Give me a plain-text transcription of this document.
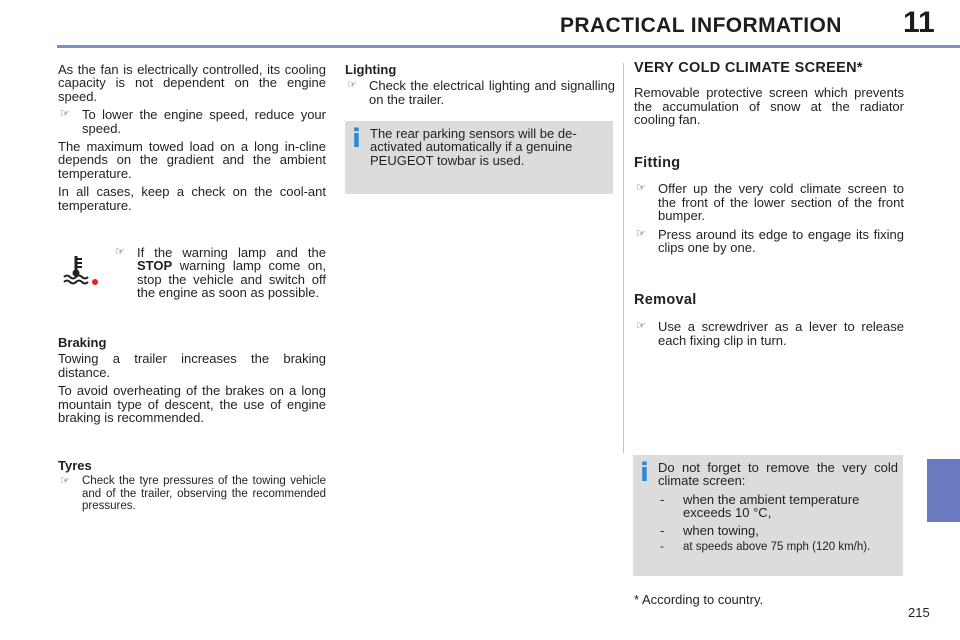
PRACTICAL INFORMATION 11

As the fan is electrically controlled, its cooling capacity is not dependent on the engine speed.

☞ To lower the engine speed, reduce your speed.

The maximum towed load on a long in-cline depends on the gradient and the ambient temperature.

In all cases, keep a check on the cool-ant temperature.

☞ If the warning lamp and the STOP warning lamp come on, stop the vehicle and switch off the engine as soon as possible.
Braking

Towing a trailer increases the braking distance.

To avoid overheating of the brakes on a long mountain type of descent, the use of engine braking is recommended.

Tyres
☞ Check the tyre pressures of the towing vehicle and of the trailer, observing the recommended pressures.
Lighting
☞ Check the electrical lighting and signalling on the trailer.
i The rear parking sensors will be de-activated automatically if a genuine PEUGEOT towbar is used.

VERY COLD CLIMATE SCREEN*

Removable protective screen which prevents the accumulation of snow at the radiator cooling fan.

Fitting
☞ Offer up the very cold climate screen to the front of the lower section of the front bumper.
☞ Press around its edge to engage its fixing clips one by one.
Removal
☞ Use a screwdriver as a lever to release each fixing clip in turn.
i Do not forget to remove the very cold climate screen:

- when the ambient temperature exceeds 10 °C,
- when towing,
- at speeds above 75 mph (120 km/h).
* According to country.
215
